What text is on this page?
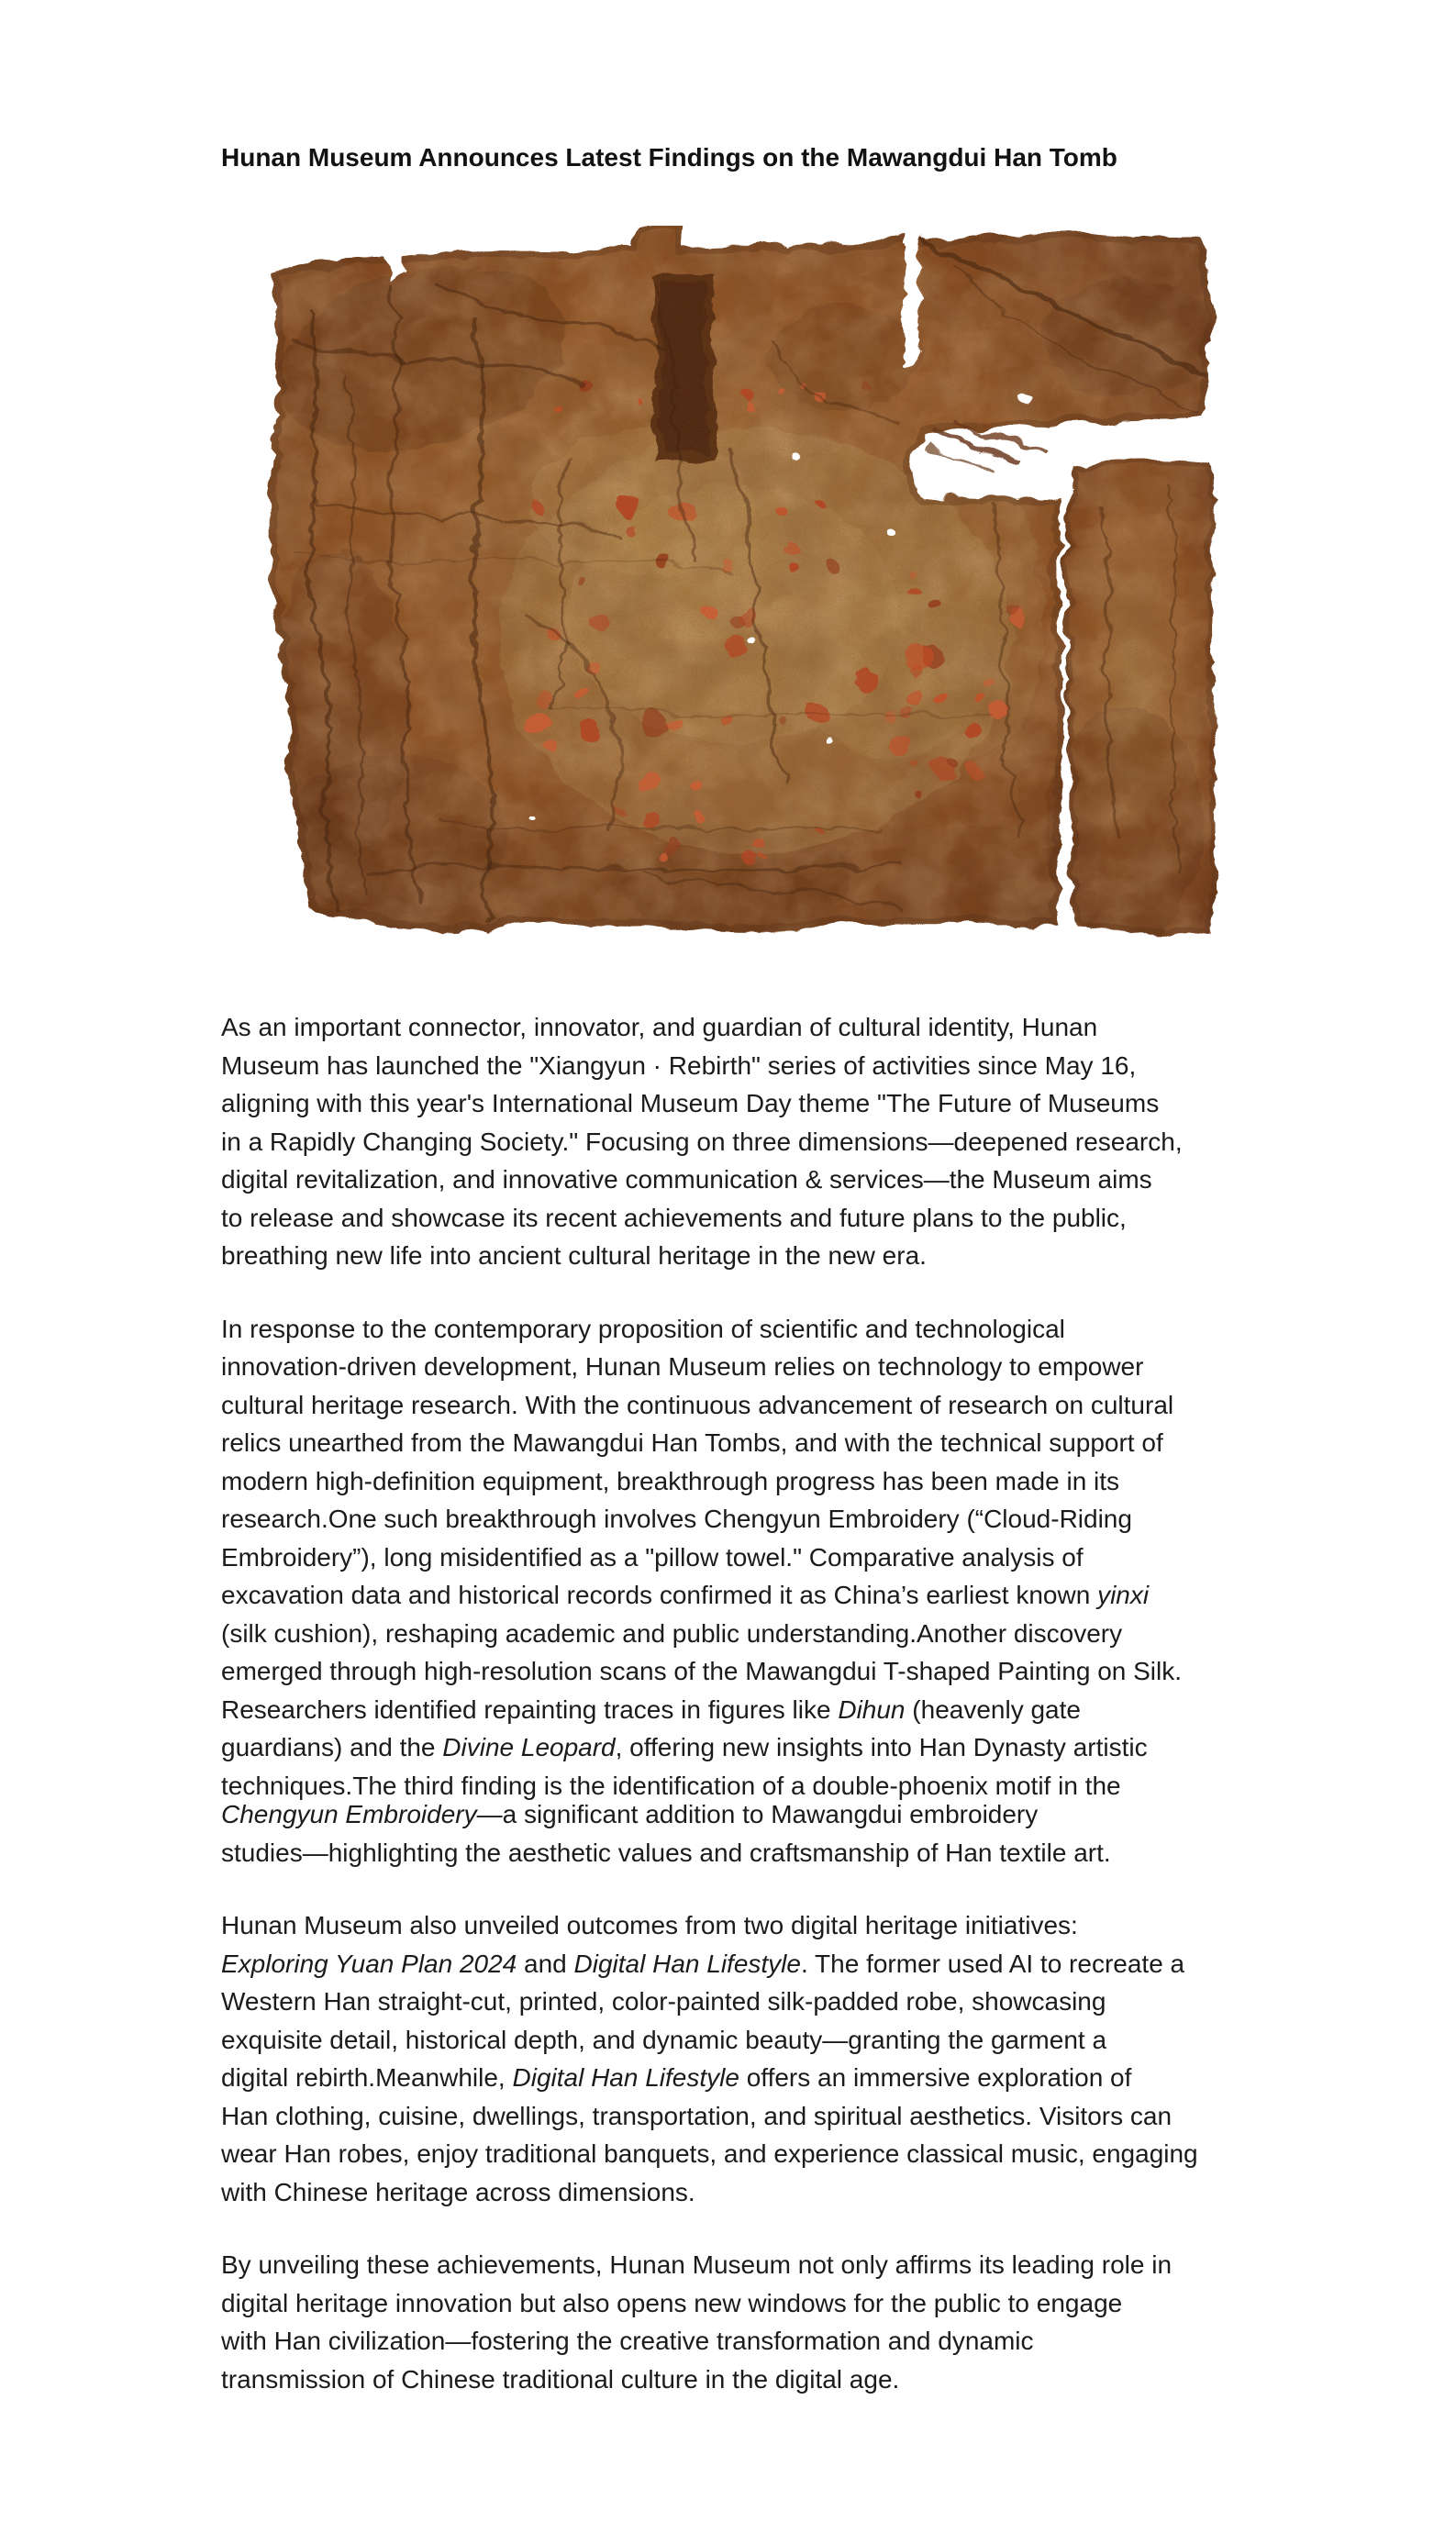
Hunan Museum Announces Latest Findings on the Mawangdui Han Tomb

As an important connector, innovator, and guardian of cultural identity, Hunan
Museum has launched the "Xiangyun · Rebirth" series of activities since May 16,
aligning with this year's International Museum Day theme "The Future of Museums
in a Rapidly Changing Society." Focusing on three dimensions—deepened research,
digital revitalization, and innovative communication & services—the Museum aims
to release and showcase its recent achievements and future plans to the public,
breathing new life into ancient cultural heritage in the new era.

In response to the contemporary proposition of scientific and technological
innovation-driven development, Hunan Museum relies on technology to empower
cultural heritage research. With the continuous advancement of research on cultural
relics unearthed from the Mawangdui Han Tombs, and with the technical support of
modern high-definition equipment, breakthrough progress has been made in its
research.One such breakthrough involves Chengyun Embroidery (“Cloud-Riding
Embroidery”), long misidentified as a "pillow towel." Comparative analysis of
excavation data and historical records confirmed it as China’s earliest known yinxi
(silk cushion), reshaping academic and public understanding.Another discovery
emerged through high-resolution scans of the Mawangdui T-shaped Painting on Silk.
Researchers identified repainting traces in figures like Dihun (heavenly gate
guardians) and the Divine Leopard, offering new insights into Han Dynasty artistic
techniques.The third finding is the identification of a double-phoenix motif in the
Chengyun Embroidery—a significant addition to Mawangdui embroidery
studies—highlighting the aesthetic values and craftsmanship of Han textile art.

Hunan Museum also unveiled outcomes from two digital heritage initiatives:
Exploring Yuan Plan 2024 and Digital Han Lifestyle. The former used AI to recreate a
Western Han straight-cut, printed, color-painted silk-padded robe, showcasing
exquisite detail, historical depth, and dynamic beauty—granting the garment a
digital rebirth.Meanwhile, Digital Han Lifestyle offers an immersive exploration of
Han clothing, cuisine, dwellings, transportation, and spiritual aesthetics. Visitors can
wear Han robes, enjoy traditional banquets, and experience classical music, engaging
with Chinese heritage across dimensions.

By unveiling these achievements, Hunan Museum not only affirms its leading role in
digital heritage innovation but also opens new windows for the public to engage
with Han civilization—fostering the creative transformation and dynamic
transmission of Chinese traditional culture in the digital age.
